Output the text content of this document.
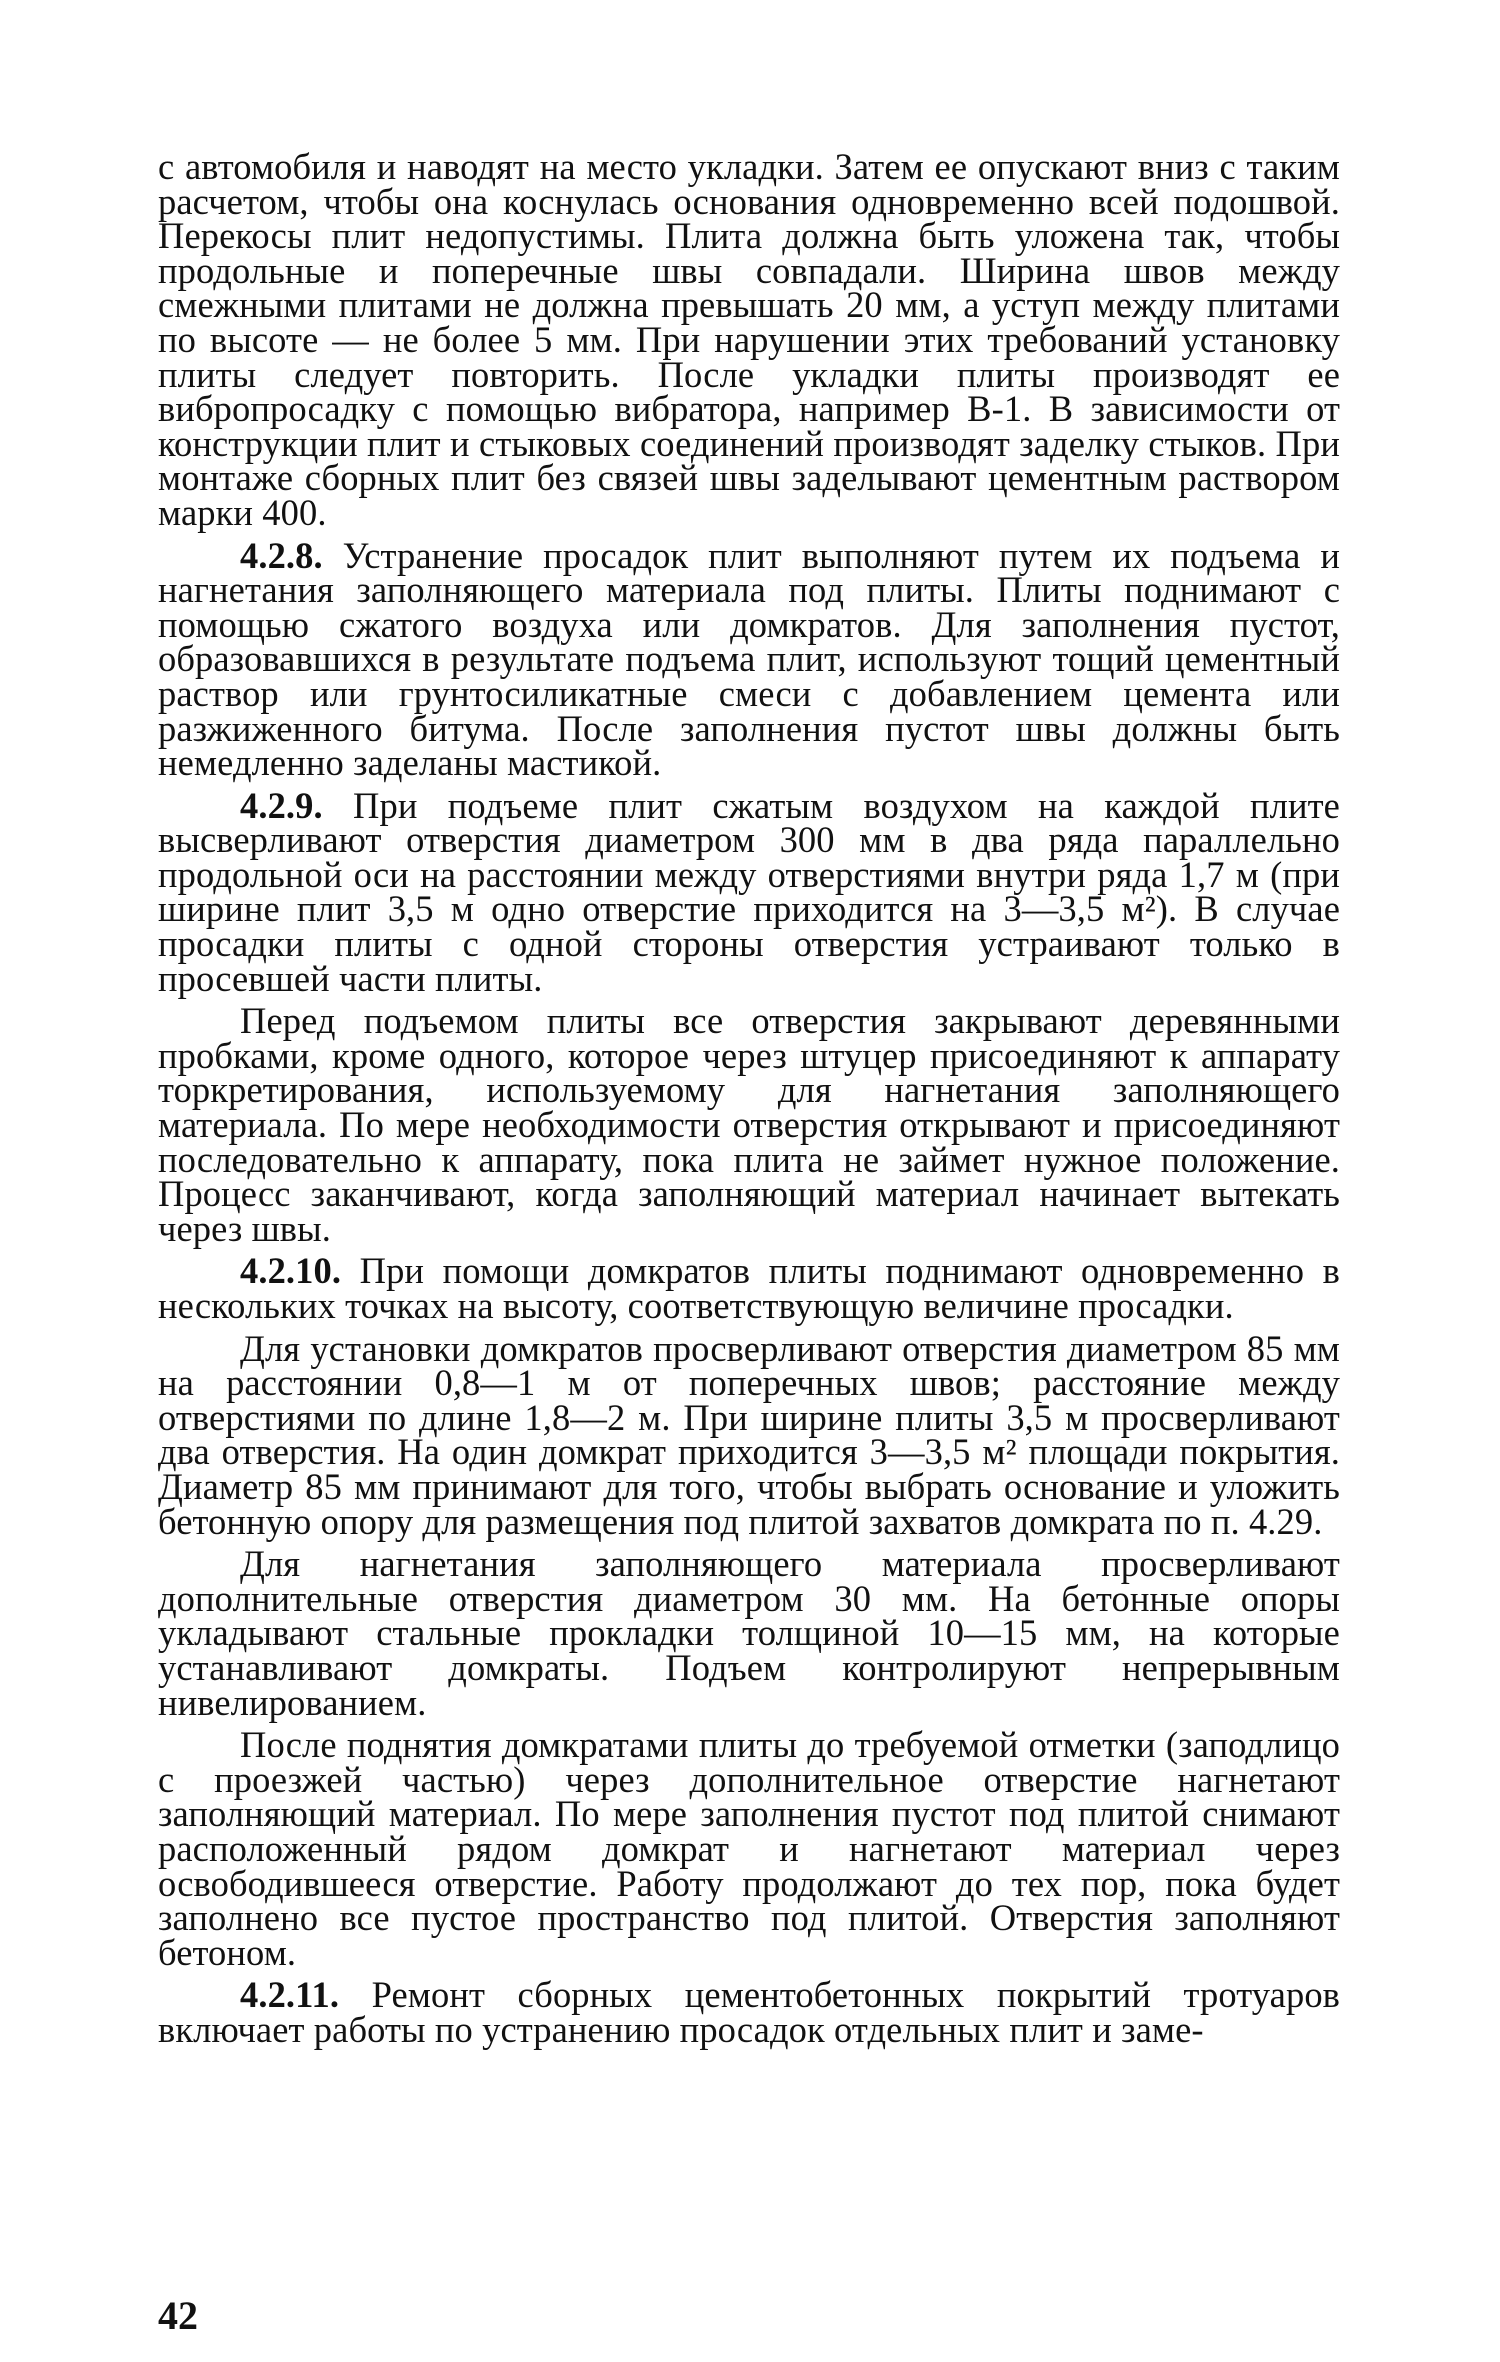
с автомобиля и наводят на место укладки. Затем ее опускают вниз с таким расчетом, чтобы она коснулась основания одновременно всей подошвой. Перекосы плит недопустимы. Плита должна быть уложена так, чтобы продольные и поперечные швы совпадали. Ширина швов между смежными плитами не должна превышать 20 мм, а уступ между плитами по высоте — не более 5 мм. При нарушении этих требований установку плиты следует повторить. После укладки плиты производят ее вибропросадку с помощью вибратора, например В-1. В зависимости от конструкции плит и стыковых соединений производят заделку стыков. При монтаже сборных плит без связей швы заделывают цементным раствором марки 400.

4.2.8. Устранение просадок плит выполняют путем их подъема и нагнетания заполняющего материала под плиты. Плиты поднимают с помощью сжатого воздуха или домкратов. Для заполнения пустот, образовавшихся в результате подъема плит, используют тощий цементный раствор или грунтосиликатные смеси с добавлением цемента или разжиженного битума. После заполнения пустот швы должны быть немедленно заделаны мастикой.

4.2.9. При подъеме плит сжатым воздухом на каждой плите высверливают отверстия диаметром 300 мм в два ряда параллельно продольной оси на расстоянии между отверстиями внутри ряда 1,7 м (при ширине плит 3,5 м одно отверстие приходится на 3—3,5 м²). В случае просадки плиты с одной стороны отверстия устраивают только в просевшей части плиты.

Перед подъемом плиты все отверстия закрывают деревянными пробками, кроме одного, которое через штуцер присоединяют к аппарату торкретирования, используемому для нагнетания заполняющего материала. По мере необходимости отверстия открывают и присоединяют последовательно к аппарату, пока плита не займет нужное положение. Процесс заканчивают, когда заполняющий материал начинает вытекать через швы.

4.2.10. При помощи домкратов плиты поднимают одновременно в нескольких точках на высоту, соответствующую величине просадки.

Для установки домкратов просверливают отверстия диаметром 85 мм на расстоянии 0,8—1 м от поперечных швов; расстояние между отверстиями по длине 1,8—2 м. При ширине плиты 3,5 м просверливают два отверстия. На один домкрат приходится 3—3,5 м² площади покрытия. Диаметр 85 мм принимают для того, чтобы выбрать основание и уложить бетонную опору для размещения под плитой захватов домкрата по п. 4.29.

Для нагнетания заполняющего материала просверливают дополнительные отверстия диаметром 30 мм. На бетонные опоры укладывают стальные прокладки толщиной 10—15 мм, на которые устанавливают домкраты. Подъем контролируют непрерывным нивелированием.

После поднятия домкратами плиты до требуемой отметки (заподлицо с проезжей частью) через дополнительное отверстие нагнетают заполняющий материал. По мере заполнения пустот под плитой снимают расположенный рядом домкрат и нагнетают материал через освободившееся отверстие. Работу продолжают до тех пор, пока будет заполнено все пустое пространство под плитой. Отверстия заполняют бетоном.

4.2.11. Ремонт сборных цементобетонных покрытий тротуаров включает работы по устранению просадок отдельных плит и заме-

42
